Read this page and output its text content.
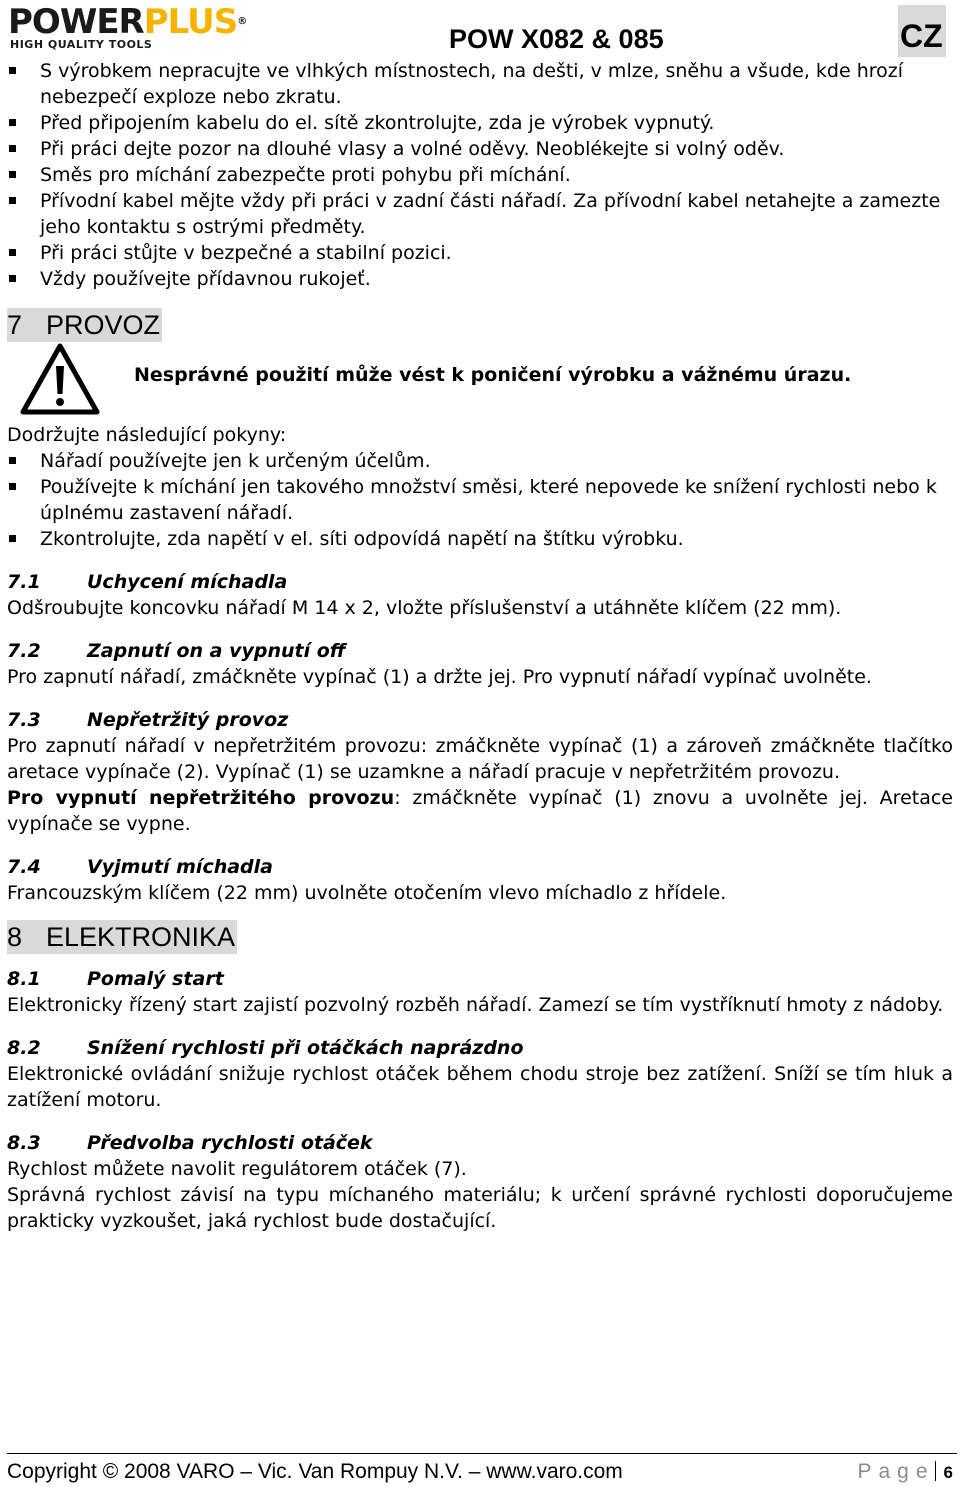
POWERPLUS®
HIGH QUALITY TOOLS	POW X082 & 085	CZ
S výrobkem nepracujte ve vlhkých místnostech, na dešti, v mlze, sněhu a všude, kde hrozí nebezpečí exploze nebo zkratu.
Před připojením kabelu do el. sítě zkontrolujte, zda je výrobek vypnutý.
Při práci dejte pozor na dlouhé vlasy a volné oděvy. Neoblékejte si volný oděv.
Směs pro míchání zabezpečte proti pohybu při míchání.
Přívodní kabel mějte vždy při práci v zadní části nářadí. Za přívodní kabel netahejte a zamezte jeho kontaktu s ostrými předměty.
Při práci stůjte v bezpečné a stabilní pozici.
Vždy používejte přídavnou rukojeť.
7 PROVOZ
Nesprávné použití může vést k poničení výrobku a vážnému úrazu.

Dodržujte následující pokyny:

Nářadí používejte jen k určeným účelům.
Používejte k míchání jen takového množství směsi, které nepovede ke snížení rychlosti nebo k úplnému zastavení nářadí.
Zkontrolujte, zda napětí v el. síti odpovídá napětí na štítku výrobku.
7.1 Uchycení míchadla

Odšroubujte koncovku nářadí M 14 x 2, vložte příslušenství a utáhněte klíčem (22 mm).

7.2 Zapnutí on a vypnutí off

Pro zapnutí nářadí, zmáčkněte vypínač (1) a držte jej. Pro vypnutí nářadí vypínač uvolněte.

7.3 Nepřetržitý provoz

Pro zapnutí nářadí v nepřetržitém provozu: zmáčkněte vypínač (1) a zároveň zmáčkněte tlačítko aretace vypínače (2). Vypínač (1) se uzamkne a nářadí pracuje v nepřetržitém provozu.

Pro vypnutí nepřetržitého provozu: zmáčkněte vypínač (1) znovu a uvolněte jej. Aretace vypínače se vypne.

7.4 Vyjmutí míchadla

Francouzským klíčem (22 mm) uvolněte otočením vlevo míchadlo z hřídele.

8 ELEKTRONIKA
8.1 Pomalý start

Elektronicky řízený start zajistí pozvolný rozběh nářadí. Zamezí se tím vystříknutí hmoty z nádoby.

8.2 Snížení rychlosti při otáčkách naprázdno

Elektronické ovládání snižuje rychlost otáček během chodu stroje bez zatížení. Sníží se tím hluk a zatížení motoru.

8.3 Předvolba rychlosti otáček

Rychlost můžete navolit regulátorem otáček (7).

Správná rychlost závisí na typu míchaného materiálu; k určení správné rychlosti doporučujeme prakticky vyzkoušet, jaká rychlost bude dostačující.

Copyright © 2008 VARO – Vic. Van Rompuy N.V. – www.varo.com	Page 6
